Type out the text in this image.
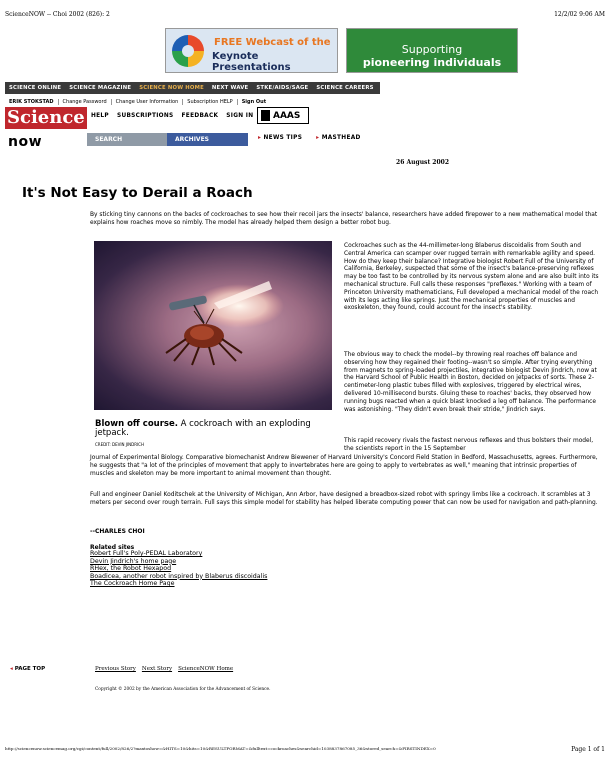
ScienceNOW -- Choi 2002 (826): 2	12/2/02 9:06 AM
FREE Webcast of the
Keynote Presentations
Supporting
pioneering individuals
SCIENCE ONLINE	SCIENCE MAGAZINE	SCIENCE NOW HOME	NEXT WAVE	STKE/AIDS/SAGE	SCIENCE CAREERS
ERIK STOKSTAD	Change Password	Change User Information	Subscription HELP	Sign Out
Science
now
HELP	SUBSCRIPTIONS	FEEDBACK	SIGN IN	AAAS
SEARCH	ARCHIVES	▸ NEWS TIPS	▸ MASTHEAD
26 August 2002
It's Not Easy to Derail a Roach
By sticking tiny cannons on the backs of cockroaches to see how their recoil jars the insects' balance, researchers have added firepower to a new mathematical model that explains how roaches move so nimbly. The model has already helped them design a better robot bug.
Blown off course. A cockroach with an exploding jetpack.
CREDIT: DEVIN JINDRICH
Cockroaches such as the 44-millimeter-long Blaberus discoidalis from South and Central America can scamper over rugged terrain with remarkable agility and speed. How do they keep their balance? Integrative biologist Robert Full of the University of California, Berkeley, suspected that some of the insect's balance-preserving reflexes may be too fast to be controlled by its nervous system alone and are also built into its mechanical structure. Full calls these responses "preflexes." Working with a team of Princeton University mathematicians, Full developed a mechanical model of the roach with its legs acting like springs. Just the mechanical properties of muscles and exoskeleton, they found, could account for the insect's stability.
The obvious way to check the model--by throwing real roaches off balance and observing how they regained their footing--wasn't so simple. After trying everything from magnets to spring-loaded projectiles, integrative biologist Devin Jindrich, now at the Harvard School of Public Health in Boston, decided on jetpacks of sorts. These 2-centimeter-long plastic tubes filled with explosives, triggered by electrical wires, delivered 10-millisecond bursts. Gluing these to roaches' backs, they observed how running bugs reacted when a quick blast knocked a leg off balance. The performance was astonishing. "They didn't even break their stride," Jindrich says.
This rapid recovery rivals the fastest nervous reflexes and thus bolsters their model, the scientists report in the 15 September
Journal of Experimental Biology. Comparative biomechanist Andrew Biewener of Harvard University's Concord Field Station in Bedford, Massachusetts, agrees. Furthermore, he suggests that "a lot of the principles of movement that apply to invertebrates here are going to apply to vertebrates as well," meaning that intrinsic properties of muscles and skeleton may be more important to animal movement than thought.
Full and engineer Daniel Koditschek at the University of Michigan, Ann Arbor, have designed a breadbox-sized robot with springy limbs like a cockroach. It scrambles at 3 meters per second over rough terrain. Full says this simple model for stability has helped liberate computing power that can now be used for navigation and path-planning.
--CHARLES CHOI
Related sites
Robert Full's Poly-PEDAL Laboratory
Devin Jindrich's home page
RHex, the Robot Hexapod
Boadicea, another robot inspired by Blaberus discoidalis
The Cockroach Home Page
◂ PAGE TOP	Previous Story Next Story ScienceNOW Home
Copyright © 2002 by the American Association for the Advancement of Science.
http://sciencenow.sciencemag.org/cgi/content/full/2002/826/2?maxtoshow=&HITS=10&hits=10&RESULTFORMAT=&fulltext=cockroaches&searchid=1038837867085_36&stored_search=&FIRSTINDEX=0	Page 1 of 1
